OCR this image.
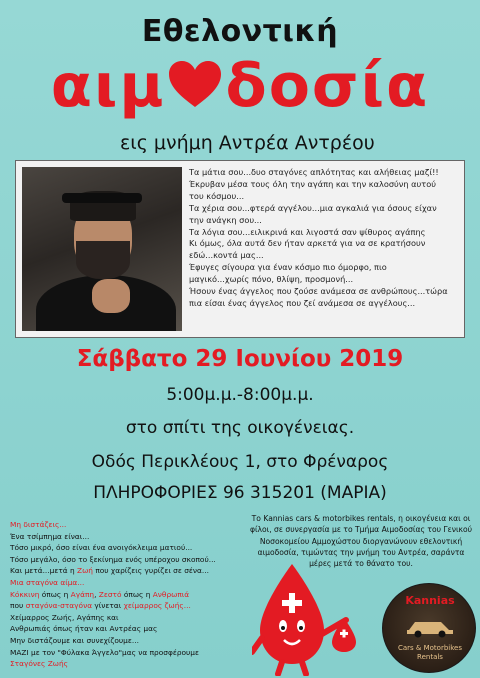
Εθελοντική
αιμ δοσία
εις μνήμη Αντρέα Αντρέου
Τα μάτια σου...δυο σταγόνες απλότητας και αλήθειας μαζί!!
Έκρυβαν μέσα τους όλη την αγάπη και την καλοσύνη αυτού
του κόσμου...
Τα χέρια σου...φτερά αγγέλου...μια αγκαλιά για όσους είχαν
την ανάγκη σου...
Τα λόγια σου...ειλικρινά και λιγοστά σαν ψίθυρος αγάπης
Κι όμως, όλα αυτά δεν ήταν αρκετά για να σε κρατήσουν
εδώ...κοντά μας...
Έφυγες σίγουρα για έναν κόσμο πιο όμορφο, πιο
μαγικό...χωρίς πόνο, θλίψη, προσμονή...
Ήσουν ένας άγγελος που ζούσε ανάμεσα σε ανθρώπους...τώρα
πια είσαι ένας άγγελος που ζεί ανάμεσα σε αγγέλους...
Σάββατο 29 Ιουνίου 2019
5:00μ.μ.-8:00μ.μ.
στο σπίτι της οικογένειας.
Οδός Περικλέους 1, στο Φρέναρος
ΠΛΗΡΟΦΟΡΙΕΣ 96 315201 (ΜΑΡΙΑ)
Μη διστάζεις...
Ένα τσίμπημα είναι...
Τόσο μικρό, όσο είναι ένα ανοιγόκλειμα ματιού...
Τόσο μεγάλο, όσο το ξεκίνημα ενός υπέροχου σκοπού...
Και μετά...μετά η Ζωή που χαρίζεις γυρίζει σε σένα...
Μια σταγόνα αίμα...
Κόκκινη όπως η Αγάπη, Ζεστό όπως η Ανθρωπιά
που σταγόνα-σταγόνα γίνεται χείμαρρος ζωής...
Χείμαρρος Ζωής, Αγάπης και
Ανθρωπιάς όπως ήταν και Αντρέας μας
Μην διστάζουμε και συνεχίζουμε...
ΜΑΖΙ με τον "Φύλακα Άγγελο"μας να προσφέρουμε
Σταγόνες Ζωής
Το Kannias cars & motorbikes rentals, η οικογένεια και οι φίλοι, σε συνεργασία με το Τμήμα Αιμοδοσίας του Γενικού Νοσοκομείου Αμμοχώστου διοργανώνουν εθελοντική αιμοδοσία, τιμώντας την μνήμη του Αντρέα, σαράντα μέρες μετά το θάνατο του.
Kannias
Cars & Motorbikes
Rentals
